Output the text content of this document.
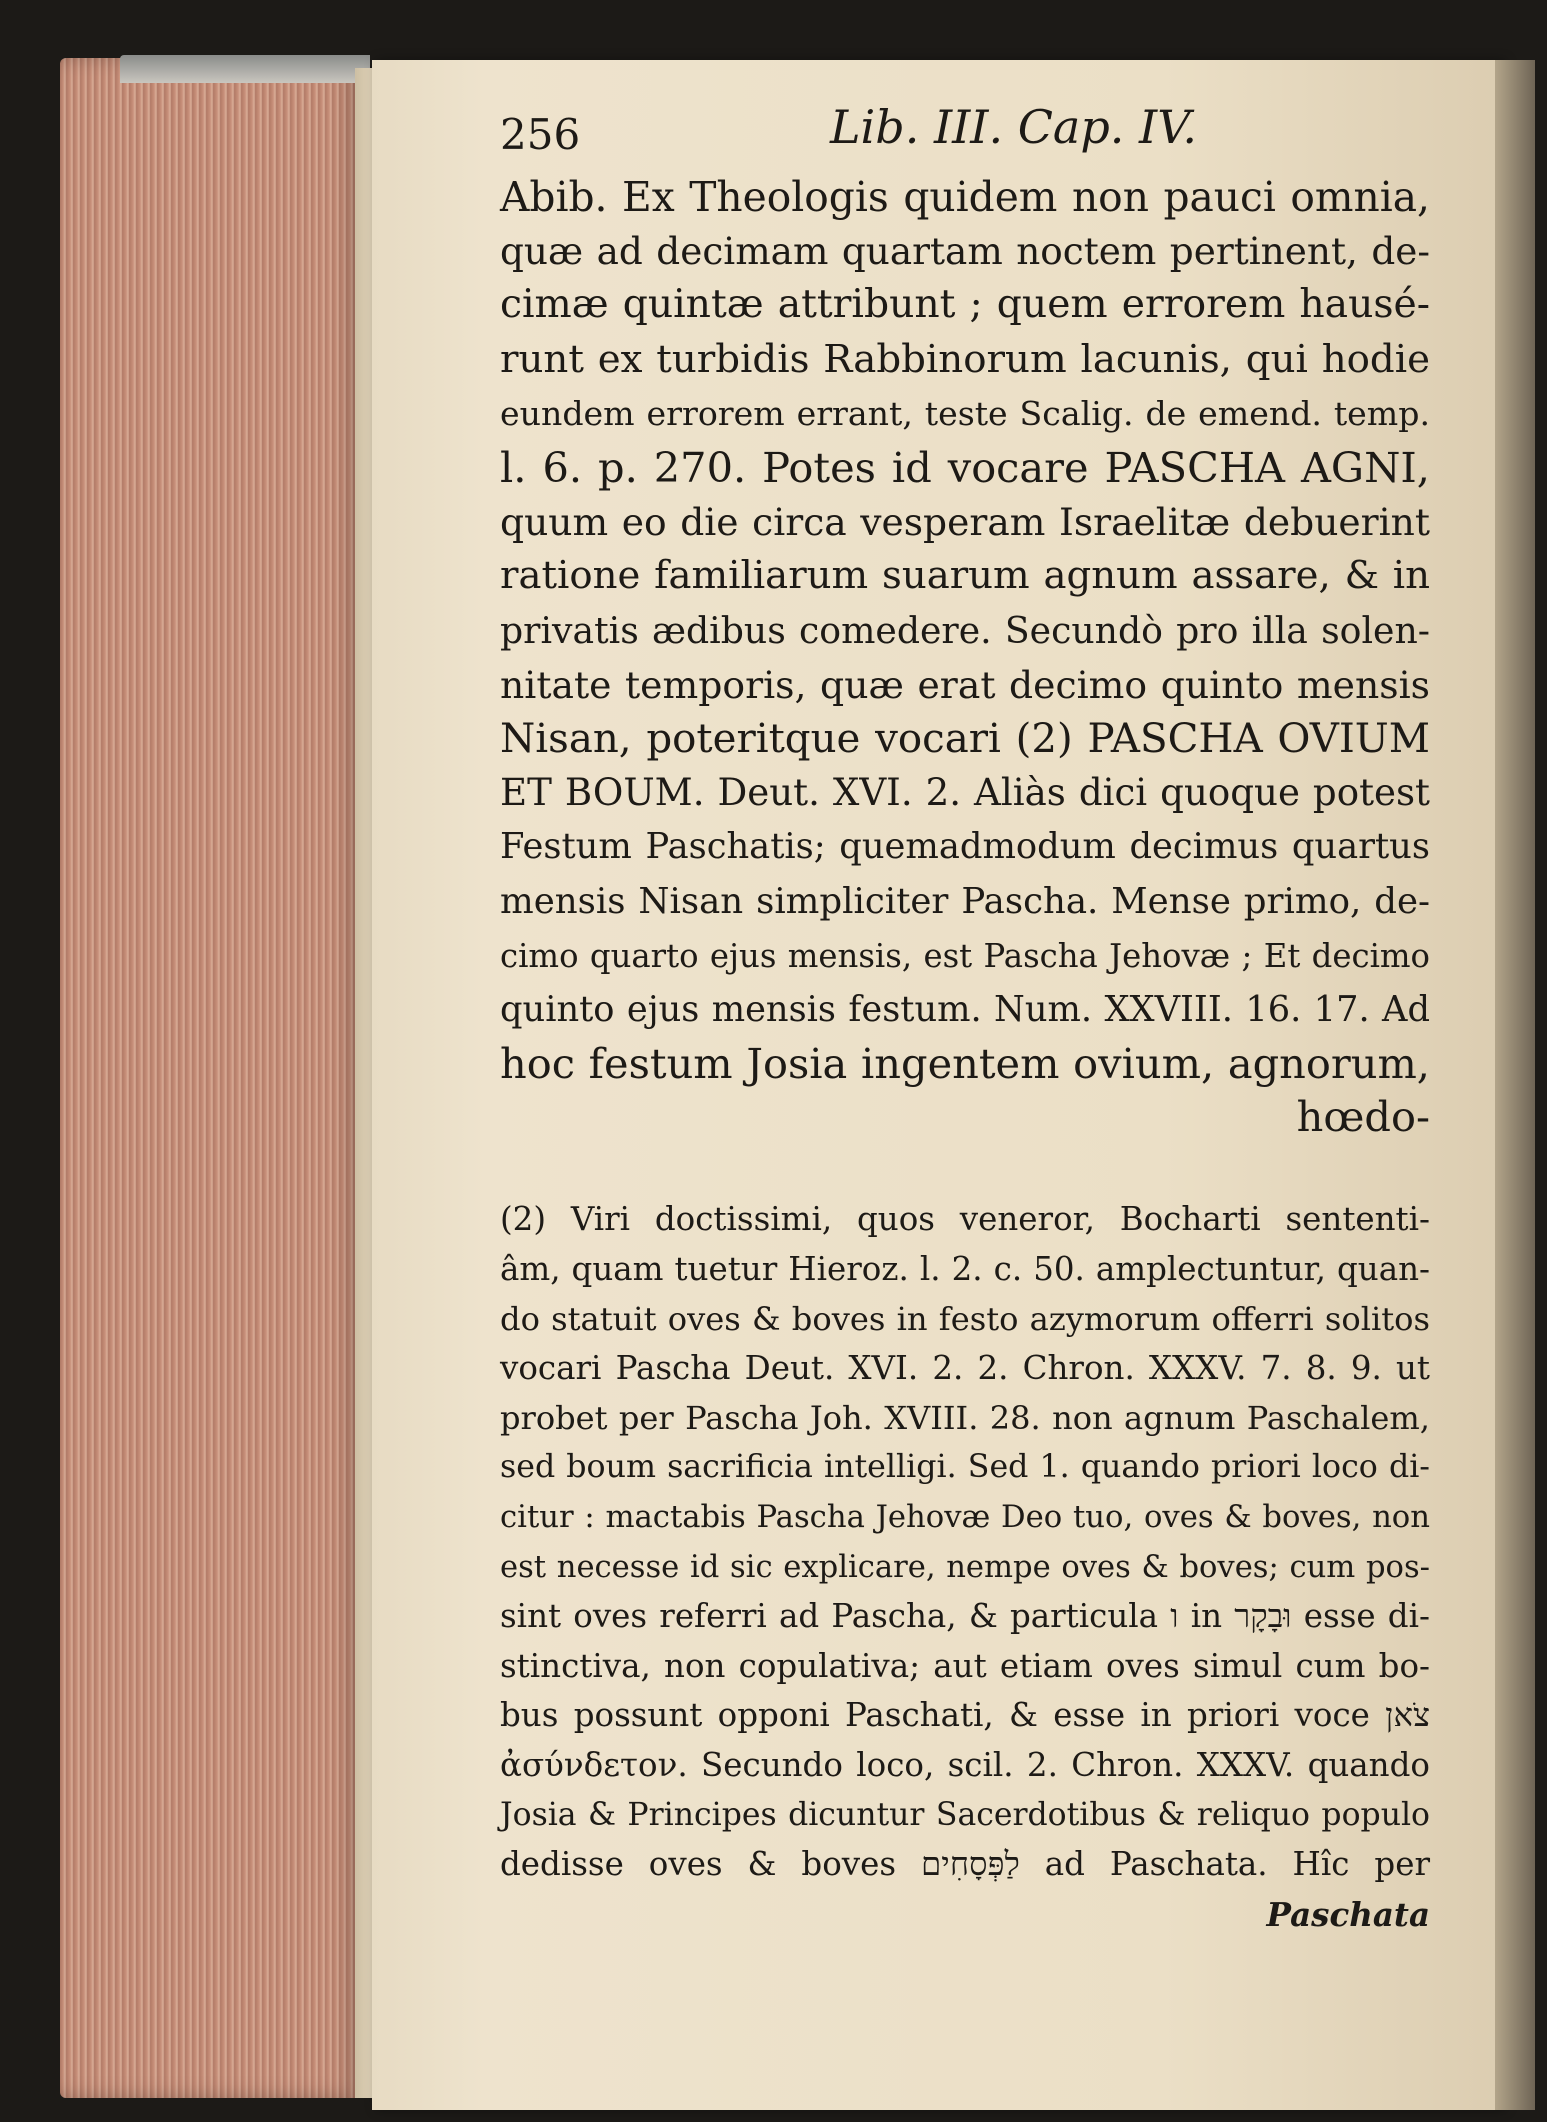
256	Lib. III. Cap. IV.
Abib. Ex Theologis quidem non pauci omnia,
quæ ad decimam quartam noctem pertinent, de-
cimæ quintæ attribunt ; quem errorem hausé-
runt ex turbidis Rabbinorum lacunis, qui hodie
eundem errorem errant, teste Scalig. de emend. temp.
l. 6. p. 270. Potes id vocare PASCHA AGNI,
quum eo die circa vesperam Israelitæ debuerint
ratione familiarum suarum agnum assare, & in
privatis ædibus comedere. Secundò pro illa solen-
nitate temporis, quæ erat decimo quinto mensis
Nisan, poteritque vocari (2) PASCHA OVIUM
ET BOUM. Deut. XVI. 2. Aliàs dici quoque potest
Festum Paschatis; quemadmodum decimus quartus
mensis Nisan simpliciter Pascha. Mense primo, de-
cimo quarto ejus mensis, est Pascha Jehovæ ; Et decimo
quinto ejus mensis festum. Num. XXVIII. 16. 17. Ad
hoc festum Josia ingentem ovium, agnorum,
hœdo-
(2) Viri doctissimi, quos veneror, Bocharti sententi-
âm, quam tuetur Hieroz. l. 2. c. 50. amplectuntur, quan-
do statuit oves & boves in festo azymorum offerri solitos
vocari Pascha Deut. XVI. 2. 2. Chron. XXXV. 7. 8. 9. ut
probet per Pascha Joh. XVIII. 28. non agnum Paschalem,
sed boum sacrificia intelligi. Sed 1. quando priori loco di-
citur : mactabis Pascha Jehovæ Deo tuo, oves & boves, non
est necesse id sic explicare, nempe oves & boves; cum pos-
sint oves referri ad Pascha, & particula ו in וּבָקָר esse di-
stinctiva, non copulativa; aut etiam oves simul cum bo-
bus possunt opponi Paschati, & esse in priori voce צֹאן
ἀσύνδετον. Secundo loco, scil. 2. Chron. XXXV. quando
Josia & Principes dicuntur Sacerdotibus & reliquo populo
dedisse oves & boves לַפְּסָחִים ad Paschata. Hîc per
Paschata
